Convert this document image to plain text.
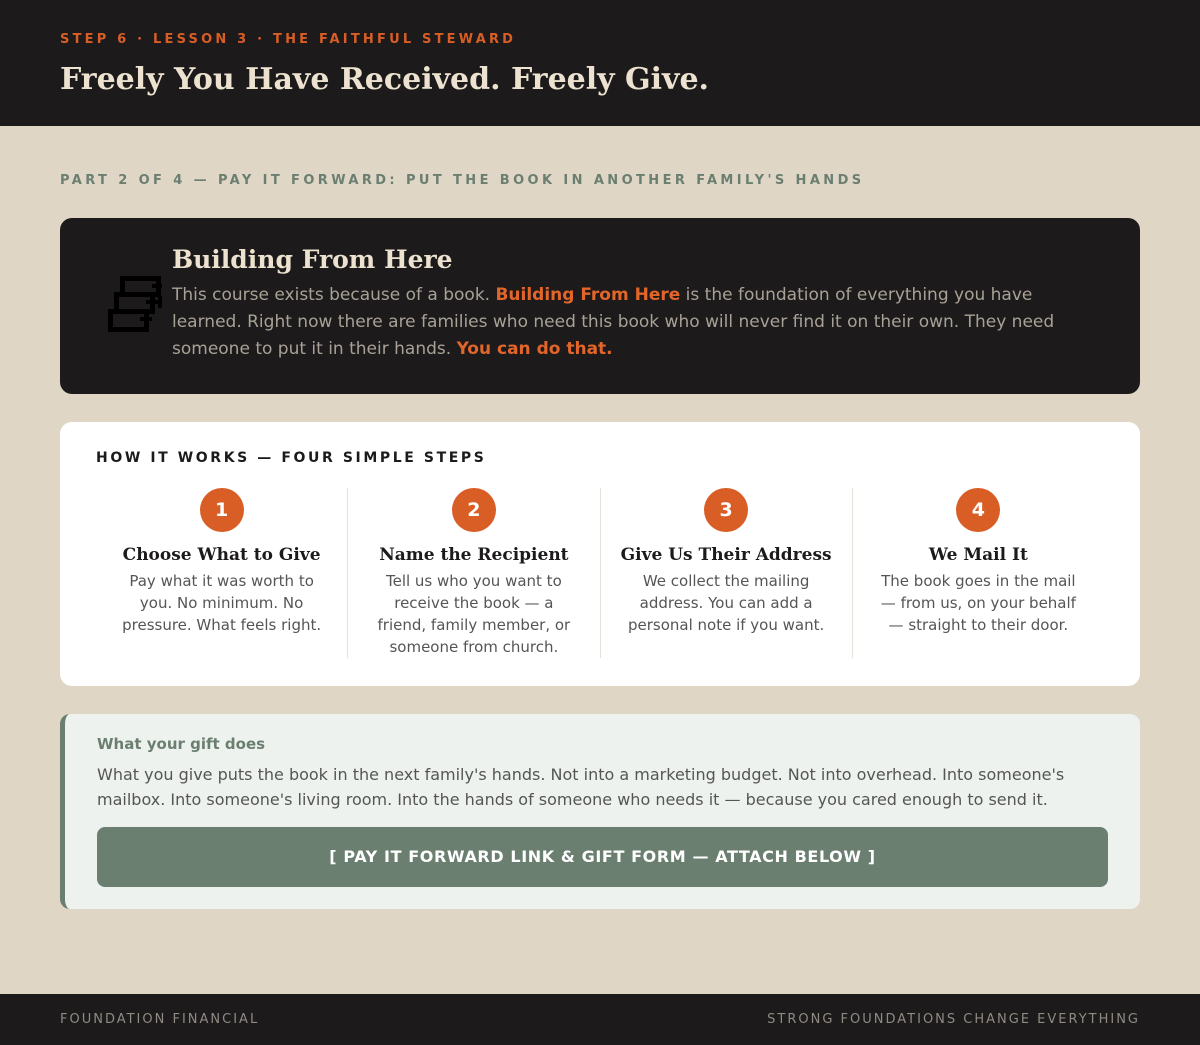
STEP 6 · LESSON 3 · THE FAITHFUL STEWARD
Freely You Have Received. Freely Give.
PART 2 OF 4 — PAY IT FORWARD: PUT THE BOOK IN ANOTHER FAMILY'S HANDS
Building From Here

This course exists because of a book. Building From Here is the foundation of everything you have learned. Right now there are families who need this book who will never find it on their own. They need someone to put it in their hands. You can do that.

HOW IT WORKS — FOUR SIMPLE STEPS
1
Choose What to Give
Pay what it was worth to you. No minimum. No pressure. What feels right.
2
Name the Recipient
Tell us who you want to receive the book — a friend, family member, or someone from church.
3
Give Us Their Address
We collect the mailing address. You can add a personal note if you want.
4
We Mail It
The book goes in the mail — from us, on your behalf — straight to their door.
What your gift does

What you give puts the book in the next family's hands. Not into a marketing budget. Not into overhead. Into someone's mailbox. Into someone's living room. Into the hands of someone who needs it — because you cared enough to send it.

[ PAY IT FORWARD LINK & GIFT FORM — ATTACH BELOW ]
FOUNDATION FINANCIAL	STRONG FOUNDATIONS CHANGE EVERYTHING
